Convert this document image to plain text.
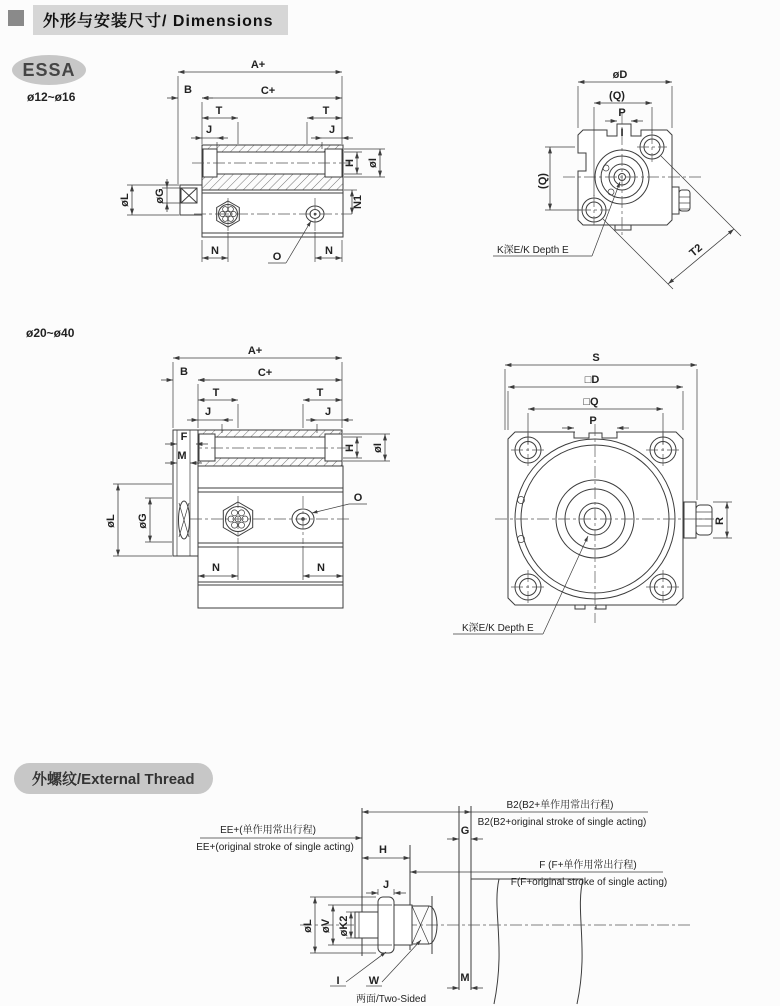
外形与安装尺寸/ Dimensions
ESSA
ø12~ø16
ø20~ø40
外螺纹/External Thread
A+
C+
B
T	T
J	J
H øI
øL øG	N1
N	N
O
øD
(Q)
P
I
(Q)
T2
K深E/K Depth E
A+
C+
B
T	T
J	J
F
M
H øI
øL øG
N	N
O
S
□D
□Q
P
R
K深E/K Depth E
B2(B2+单作用常出行程)
B2(B2+original stroke of single acting)
G
EE+(单作用常出行程)
EE+(original stroke of single acting) H
F (F+单作用常出行程)
F(F+original stroke of single acting)
J
øL øV øK2
I	W	M
两面/Two-Sided
